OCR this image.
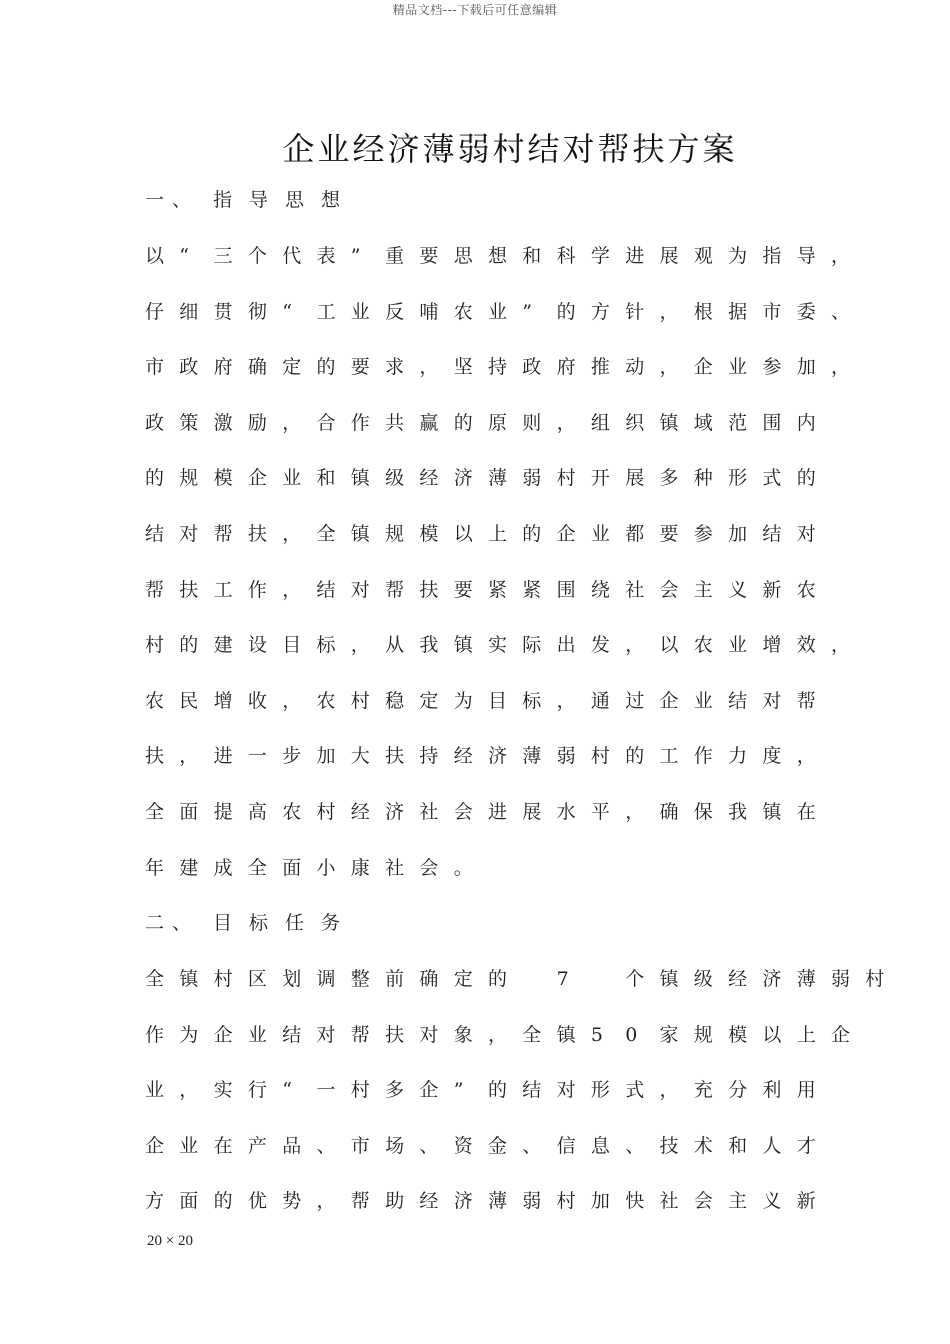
精品文档---下载后可任意编辑
企业经济薄弱村结对帮扶方案
一、 指导思想
以 “ 三 个 代 表 ” 重 要 思 想 和 科 学 进 展 观 为 指 导 ，
仔 细 贯 彻 “ 工 业 反 哺 农 业 ” 的 方 针 ， 根 据 市 委 、
市 政 府 确 定 的 要 求 ， 坚 持 政 府 推 动 ， 企 业 参 加 ，
政 策 激 励 ， 合 作 共 赢 的 原 则 ， 组 织 镇 域 范 围 内
的 规 模 企 业 和 镇 级 经 济 薄 弱 村 开 展 多 种 形 式 的
结 对 帮 扶 ， 全 镇 规 模 以 上 的 企 业 都 要 参 加 结 对
帮 扶 工 作 ， 结 对 帮 扶 要 紧 紧 围 绕 社 会 主 义 新 农
村 的 建 设 目 标 ， 从 我 镇 实 际 出 发 ， 以 农 业 增 效 ，
农 民 增 收 ， 农 村 稳 定 为 目 标 ， 通 过 企 业 结 对 帮
扶 ， 进 一 步 加 大 扶 持 经 济 薄 弱 村 的 工 作 力 度 ，
全 面 提 高 农 村 经 济 社 会 进 展 水 平 ， 确 保 我 镇 在
年 建 成 全 面 小 康 社 会 。
二、 目标任务
全 镇 村 区 划 调 整 前 确 定 的	7	个 镇 级 经 济 薄 弱 村
作 为 企 业 结 对 帮 扶 对 象 ， 全 镇 5 0 家 规 模 以 上 企
业 ， 实 行 “ 一 村 多 企 ” 的 结 对 形 式 ， 充 分 利 用
企 业 在 产 品 、 市 场 、 资 金 、 信 息 、 技 术 和 人 才
方 面 的 优 势 ， 帮 助 经 济 薄 弱 村 加 快 社 会 主 义 新
20 × 20
